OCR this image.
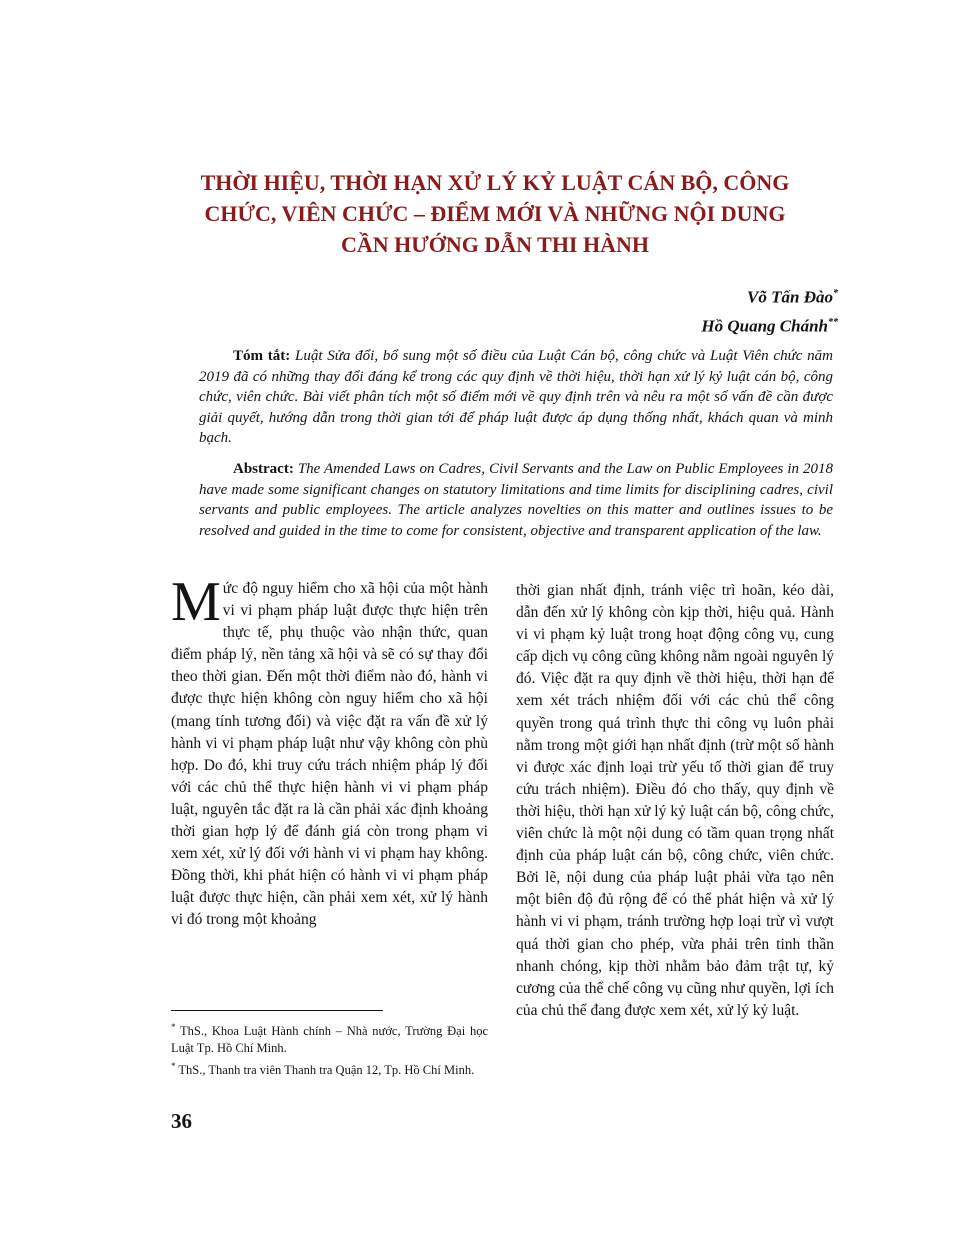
THỜI HIỆU, THỜI HẠN XỬ LÝ KỶ LUẬT CÁN BỘ, CÔNG
CHỨC, VIÊN CHỨC – ĐIỂM MỚI VÀ NHỮNG NỘI DUNG
CẦN HƯỚNG DẪN THI HÀNH
Võ Tấn Đào*
Hồ Quang Chánh**
Tóm tắt: Luật Sửa đổi, bổ sung một số điều của Luật Cán bộ, công chức và Luật Viên chức năm 2019 đã có những thay đổi đáng kể trong các quy định về thời hiệu, thời hạn xử lý kỷ luật cán bộ, công chức, viên chức. Bài viết phân tích một số điểm mới về quy định trên và nêu ra một số vấn đề cần được giải quyết, hướng dẫn trong thời gian tới để pháp luật được áp dụng thống nhất, khách quan và minh bạch.
Abstract: The Amended Laws on Cadres, Civil Servants and the Law on Public Employees in 2018 have made some significant changes on statutory limitations and time limits for disciplining cadres, civil servants and public employees. The article analyzes novelties on this matter and outlines issues to be resolved and guided in the time to come for consistent, objective and transparent application of the law.
Mức độ nguy hiểm cho xã hội của một hành vi vi phạm pháp luật được thực hiện trên thực tế, phụ thuộc vào nhận thức, quan điểm pháp lý, nền tảng xã hội và sẽ có sự thay đổi theo thời gian. Đến một thời điểm nào đó, hành vi được thực hiện không còn nguy hiểm cho xã hội (mang tính tương đối) và việc đặt ra vấn đề xử lý hành vi vi phạm pháp luật như vậy không còn phù hợp. Do đó, khi truy cứu trách nhiệm pháp lý đối với các chủ thể thực hiện hành vi vi phạm pháp luật, nguyên tắc đặt ra là cần phải xác định khoảng thời gian hợp lý để đánh giá còn trong phạm vi xem xét, xử lý đối với hành vi vi phạm hay không. Đồng thời, khi phát hiện có hành vi vi phạm pháp luật được thực hiện, cần phải xem xét, xử lý hành vi đó trong một khoảng
thời gian nhất định, tránh việc trì hoãn, kéo dài, dẫn đến xử lý không còn kịp thời, hiệu quả. Hành vi vi phạm kỷ luật trong hoạt động công vụ, cung cấp dịch vụ công cũng không nằm ngoài nguyên lý đó. Việc đặt ra quy định về thời hiệu, thời hạn để xem xét trách nhiệm đối với các chủ thể công quyền trong quá trình thực thi công vụ luôn phải nằm trong một giới hạn nhất định (trừ một số hành vi được xác định loại trừ yếu tố thời gian để truy cứu trách nhiệm). Điều đó cho thấy, quy định về thời hiệu, thời hạn xử lý kỷ luật cán bộ, công chức, viên chức là một nội dung có tầm quan trọng nhất định của pháp luật cán bộ, công chức, viên chức. Bởi lẽ, nội dung của pháp luật phải vừa tạo nên một biên độ đủ rộng để có thể phát hiện và xử lý hành vi vi phạm, tránh trường hợp loại trừ vì vượt quá thời gian cho phép, vừa phải trên tinh thần nhanh chóng, kịp thời nhằm bảo đảm trật tự, kỷ cương của thể chế công vụ cũng như quyền, lợi ích của chủ thể đang được xem xét, xử lý kỷ luật.

* ThS., Khoa Luật Hành chính – Nhà nước, Trường Đại học Luật Tp. Hồ Chí Minh.

* ThS., Thanh tra viên Thanh tra Quận 12, Tp. Hồ Chí Minh.

36
